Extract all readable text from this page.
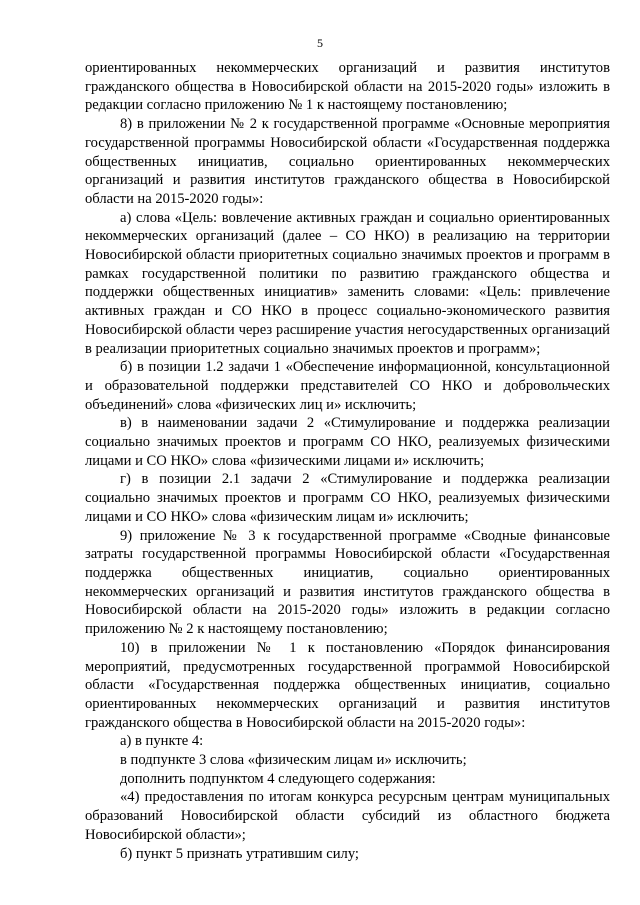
5

ориентированных некоммерческих организаций и развития институтов гражданского общества в Новосибирской области на 2015-2020 годы» изложить в редакции согласно приложению № 1 к настоящему постановлению;

8) в приложении № 2 к государственной программе «Основные мероприятия государственной программы Новосибирской области «Государственная поддержка общественных инициатив, социально ориентированных некоммерческих организаций и развития институтов гражданского общества в Новосибирской области на 2015-2020 годы»:

а) слова «Цель: вовлечение активных граждан и социально ориентированных некоммерческих организаций (далее – СО НКО) в реализацию на территории Новосибирской области приоритетных социально значимых проектов и программ в рамках государственной политики по развитию гражданского общества и поддержки общественных инициатив» заменить словами: «Цель: привлечение активных граждан и СО НКО в процесс социально-экономического развития Новосибирской области через расширение участия негосударственных организаций в реализации приоритетных социально значимых проектов и программ»;

б) в позиции 1.2 задачи 1 «Обеспечение информационной, консультационной и образовательной поддержки представителей СО НКО и добровольческих объединений» слова «физических лиц и» исключить;

в) в наименовании задачи 2 «Стимулирование и поддержка реализации социально значимых проектов и программ СО НКО, реализуемых физическими лицами и СО НКО» слова «физическими лицами и» исключить;

г) в позиции 2.1 задачи 2 «Стимулирование и поддержка реализации социально значимых проектов и программ СО НКО, реализуемых физическими лицами и СО НКО» слова «физическим лицам и» исключить;

9) приложение № 3 к государственной программе «Сводные финансовые затраты государственной программы Новосибирской области «Государственная поддержка общественных инициатив, социально ориентированных некоммерческих организаций и развития институтов гражданского общества в Новосибирской области на 2015-2020 годы» изложить в редакции согласно приложению № 2 к настоящему постановлению;

10) в приложении № 1 к постановлению «Порядок финансирования мероприятий, предусмотренных государственной программой Новосибирской области «Государственная поддержка общественных инициатив, социально ориентированных некоммерческих организаций и развития институтов гражданского общества в Новосибирской области на 2015-2020 годы»:

а) в пункте 4:

в подпункте 3 слова «физическим лицам и» исключить;

дополнить подпунктом 4 следующего содержания:

«4) предоставления по итогам конкурса ресурсным центрам муниципальных образований Новосибирской области субсидий из областного бюджета Новосибирской области»;

б) пункт 5 признать утратившим силу;
